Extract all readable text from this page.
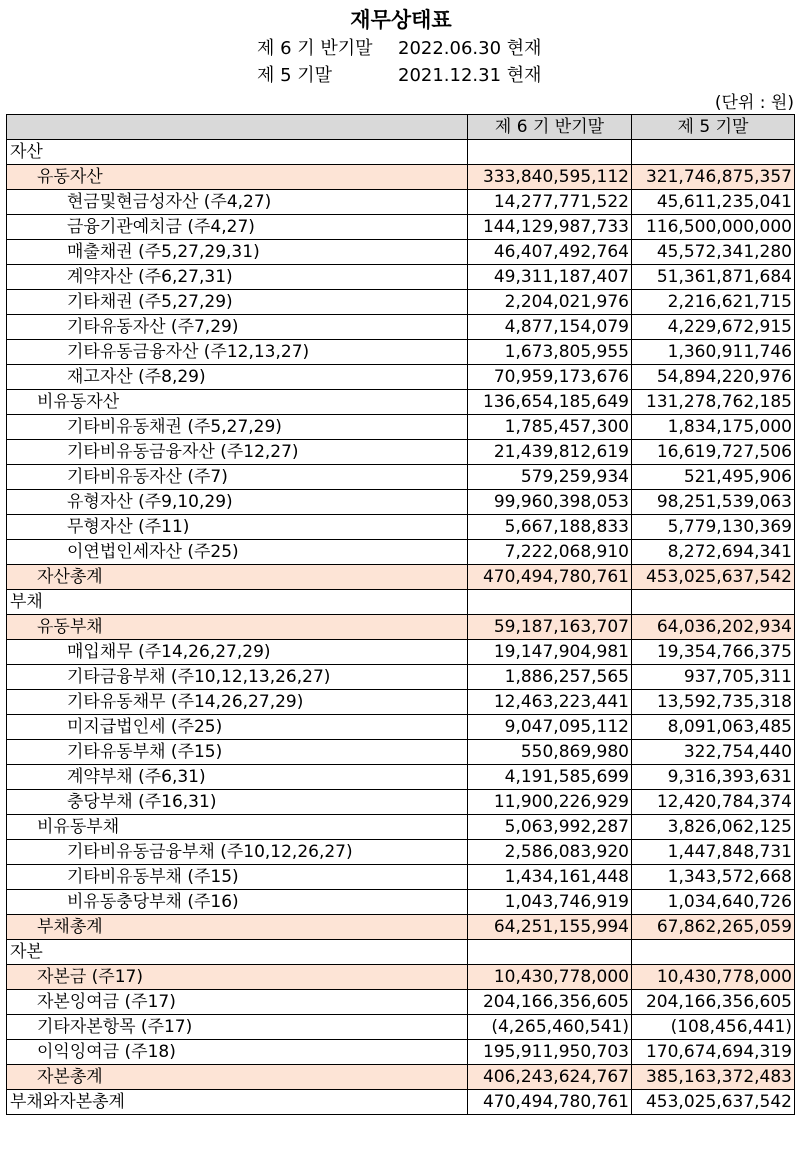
재무상태표
제 6 기 반기말 2022.06.30 현재
제 5 기말	2021.12.31 현재
(단위 : 원)
	제 6 기 반기말	제 5 기말
자산		
유동자산	333,840,595,112	321,746,875,357
현금및현금성자산 (주4,27)	14,277,771,522	45,611,235,041
금융기관예치금 (주4,27)	144,129,987,733	116,500,000,000
매출채권 (주5,27,29,31)	46,407,492,764	45,572,341,280
계약자산 (주6,27,31)	49,311,187,407	51,361,871,684
기타채권 (주5,27,29)	2,204,021,976	2,216,621,715
기타유동자산 (주7,29)	4,877,154,079	4,229,672,915
기타유동금융자산 (주12,13,27)	1,673,805,955	1,360,911,746
재고자산 (주8,29)	70,959,173,676	54,894,220,976
비유동자산	136,654,185,649	131,278,762,185
기타비유동채권 (주5,27,29)	1,785,457,300	1,834,175,000
기타비유동금융자산 (주12,27)	21,439,812,619	16,619,727,506
기타비유동자산 (주7)	579,259,934	521,495,906
유형자산 (주9,10,29)	99,960,398,053	98,251,539,063
무형자산 (주11)	5,667,188,833	5,779,130,369
이연법인세자산 (주25)	7,222,068,910	8,272,694,341
자산총계	470,494,780,761	453,025,637,542
부채		
유동부채	59,187,163,707	64,036,202,934
매입채무 (주14,26,27,29)	19,147,904,981	19,354,766,375
기타금융부채 (주10,12,13,26,27)	1,886,257,565	937,705,311
기타유동채무 (주14,26,27,29)	12,463,223,441	13,592,735,318
미지급법인세 (주25)	9,047,095,112	8,091,063,485
기타유동부채 (주15)	550,869,980	322,754,440
계약부채 (주6,31)	4,191,585,699	9,316,393,631
충당부채 (주16,31)	11,900,226,929	12,420,784,374
비유동부채	5,063,992,287	3,826,062,125
기타비유동금융부채 (주10,12,26,27)	2,586,083,920	1,447,848,731
기타비유동부채 (주15)	1,434,161,448	1,343,572,668
비유동충당부채 (주16)	1,043,746,919	1,034,640,726
부채총계	64,251,155,994	67,862,265,059
자본		
자본금 (주17)	10,430,778,000	10,430,778,000
자본잉여금 (주17)	204,166,356,605	204,166,356,605
기타자본항목 (주17)	(4,265,460,541)	(108,456,441)
이익잉여금 (주18)	195,911,950,703	170,674,694,319
자본총계	406,243,624,767	385,163,372,483
부채와자본총계	470,494,780,761	453,025,637,542
